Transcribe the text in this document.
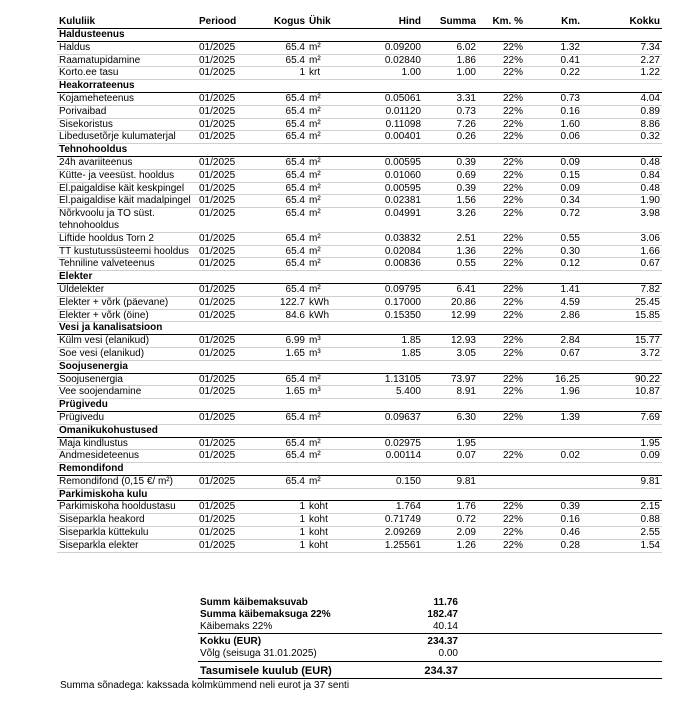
Kululiik	Periood	Kogus	Ühik	Hind	Summa	Km. %	Km.	Kokku
Haldusteenus								
Haldus	01/2025	65.4	m²	0.09200	6.02	22%	1.32	7.34
Raamatupidamine	01/2025	65.4	m²	0.02840	1.86	22%	0.41	2.27
Korto.ee tasu	01/2025	1	krt	1.00	1.00	22%	0.22	1.22
Heakorrateenus								
Kojameheteenus	01/2025	65.4	m²	0.05061	3.31	22%	0.73	4.04
Porivaibad	01/2025	65.4	m²	0.01120	0.73	22%	0.16	0.89
Sisekoristus	01/2025	65.4	m²	0.11098	7.26	22%	1.60	8.86
Libedusetõrje kulumaterjal	01/2025	65.4	m²	0.00401	0.26	22%	0.06	0.32
Tehnohooldus								
24h avariiteenus	01/2025	65.4	m²	0.00595	0.39	22%	0.09	0.48
Kütte- ja veesüst. hooldus	01/2025	65.4	m²	0.01060	0.69	22%	0.15	0.84
El.paigaldise käit keskpingel	01/2025	65.4	m²	0.00595	0.39	22%	0.09	0.48
El.paigaldise käit madalpingel	01/2025	65.4	m²	0.02381	1.56	22%	0.34	1.90
Nõrkvoolu ja TO süst. tehnohooldus	01/2025	65.4	m²	0.04991	3.26	22%	0.72	3.98
Liftide hooldus Torn 2	01/2025	65.4	m²	0.03832	2.51	22%	0.55	3.06
TT kustutussüsteemi hooldus	01/2025	65.4	m²	0.02084	1.36	22%	0.30	1.66
Tehniline valveteenus	01/2025	65.4	m²	0.00836	0.55	22%	0.12	0.67
Elekter								
Üldelekter	01/2025	65.4	m²	0.09795	6.41	22%	1.41	7.82
Elekter + võrk (päevane)	01/2025	122.7	kWh	0.17000	20.86	22%	4.59	25.45
Elekter + võrk (öine)	01/2025	84.6	kWh	0.15350	12.99	22%	2.86	15.85
Vesi ja kanalisatsioon								
Külm vesi (elanikud)	01/2025	6.99	m³	1.85	12.93	22%	2.84	15.77
Soe vesi (elanikud)	01/2025	1.65	m³	1.85	3.05	22%	0.67	3.72
Soojusenergia								
Soojusenergia	01/2025	65.4	m²	1.13105	73.97	22%	16.25	90.22
Vee soojendamine	01/2025	1.65	m³	5.400	8.91	22%	1.96	10.87
Prügivedu								
Prügivedu	01/2025	65.4	m²	0.09637	6.30	22%	1.39	7.69
Omanikukohustused								
Maja kindlustus	01/2025	65.4	m²	0.02975	1.95			1.95
Andmesideteenus	01/2025	65.4	m²	0.00114	0.07	22%	0.02	0.09
Remondifond								
Remondifond (0,15 €/ m²)	01/2025	65.4	m²	0.150	9.81			9.81
Parkimiskoha kulu								
Parkimiskoha hooldustasu	01/2025	1	koht	1.764	1.76	22%	0.39	2.15
Siseparkla heakord	01/2025	1	koht	0.71749	0.72	22%	0.16	0.88
Siseparkla küttekulu	01/2025	1	koht	2.09269	2.09	22%	0.46	2.55
Siseparkla elekter	01/2025	1	koht	1.25561	1.26	22%	0.28	1.54
Summ käibemaksuvab	11.76
Summa käibemaksuga 22%	182.47
Käibemaks 22%	40.14
Kokku (EUR)	234.37
Võlg (seisuga 31.01.2025)	0.00
Tasumisele kuulub (EUR)	234.37
Summa sõnadega: kakssada kolmkümmend neli eurot ja 37 senti
